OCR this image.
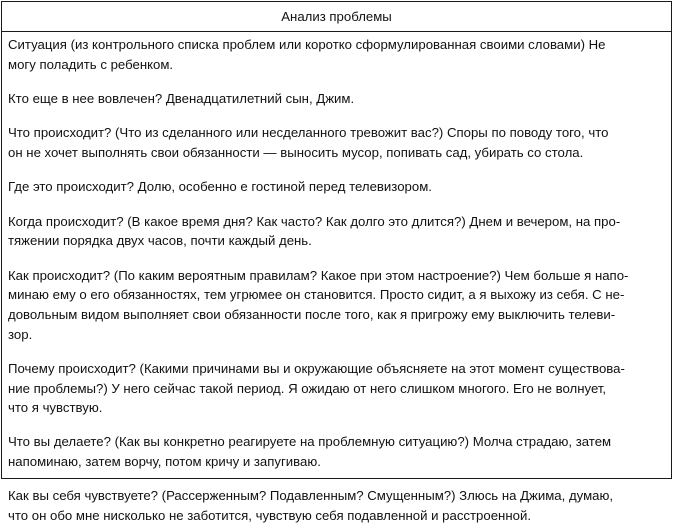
Анализ проблемы
Ситуация (из контрольного списка проблем или коротко сформулированная своими словами) Не
могу поладить с ребенком.
Кто еще в нее вовлечен? Двенадцатилетний сын, Джим.
Что происходит? (Что из сделанного или несделанного тревожит вас?) Споры по поводу того, что
он не хочет выполнять свои обязанности — выносить мусор, попивать сад, убирать со стола.
Где это происходит? Долю, особенно е гостиной перед телевизором.
Когда происходит? (В какое время дня? Как часто? Как долго это длится?) Днем и вечером, на про-
тяжении порядка двух часов, почти каждый день.
Как происходит? (По каким вероятным правилам? Какое при этом настроение?) Чем больше я напо-
минаю ему о его обязанностях, тем угрюмее он становится. Просто сидит, а я выхожу из себя. С не-
довольным видом выполняет свои обязанности после того, как я пригрожу ему выключить телеви-
зор.
Почему происходит? (Какими причинами вы и окружающие объясняете на этот момент существова-
ние проблемы?) У него сейчас такой период. Я ожидаю от него слишком многого. Его не волнует,
что я чувствую.
Что вы делаете? (Как вы конкретно реагируете на проблемную ситуацию?) Молча страдаю, затем
напоминаю, затем ворчу, потом кричу и запугиваю.
Как вы себя чувствуете? (Рассерженным? Подавленным? Смущенным?) Злюсь на Джима, думаю,
что он обо мне нисколько не заботится, чувствую себя подавленной и расстроенной.
